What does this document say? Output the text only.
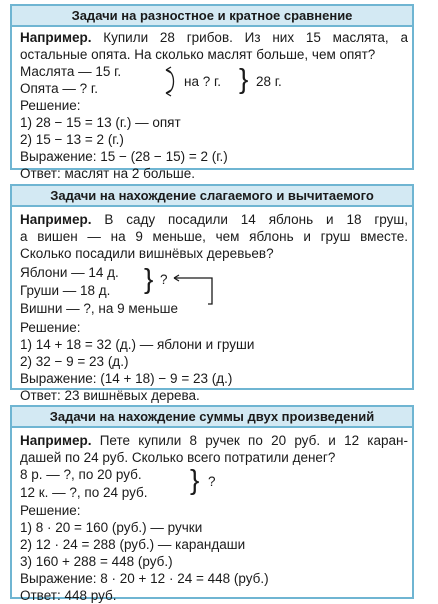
Задачи на разностное и кратное сравнение
Например. Купили 28 грибов. Из них 15 маслята, а
остальные опята. На сколько маслят больше, чем опят?
Маслята — 15 г.
Опята — ? г.	на ? г. } 28 г.
Решение:
1) 28 − 15 = 13 (г.) — опят
2) 15 − 13 = 2 (г.)
Выражение: 15 − (28 − 15) = 2 (г.)
Ответ: маслят на 2 больше.
Задачи на нахождение слагаемого и вычитаемого
Например. В саду посадили 14 яблонь и 18 груш,
а вишен — на 9 меньше, чем яблонь и груш вместе.
Сколько посадили вишнёвых деревьев?
Яблони — 14 д.
Груши — 18 д.
Вишни — ?, на 9 меньше
} ?
Решение:
1) 14 + 18 = 32 (д.) — яблони и груши
2) 32 − 9 = 23 (д.)
Выражение: (14 + 18) − 9 = 23 (д.)
Ответ: 23 вишнёвых дерева.
Задачи на нахождение суммы двух произведений
Например. Пете купили 8 ручек по 20 руб. и 12 каран-
дашей по 24 руб. Сколько всего потратили денег?
8 р. — ?, по 20 руб.
12 к. — ?, по 24 руб. } ?
Решение:
1) 8 · 20 = 160 (руб.) — ручки
2) 12 · 24 = 288 (руб.) — карандаши
3) 160 + 288 = 448 (руб.)
Выражение: 8 · 20 + 12 · 24 = 448 (руб.)
Ответ: 448 руб.
